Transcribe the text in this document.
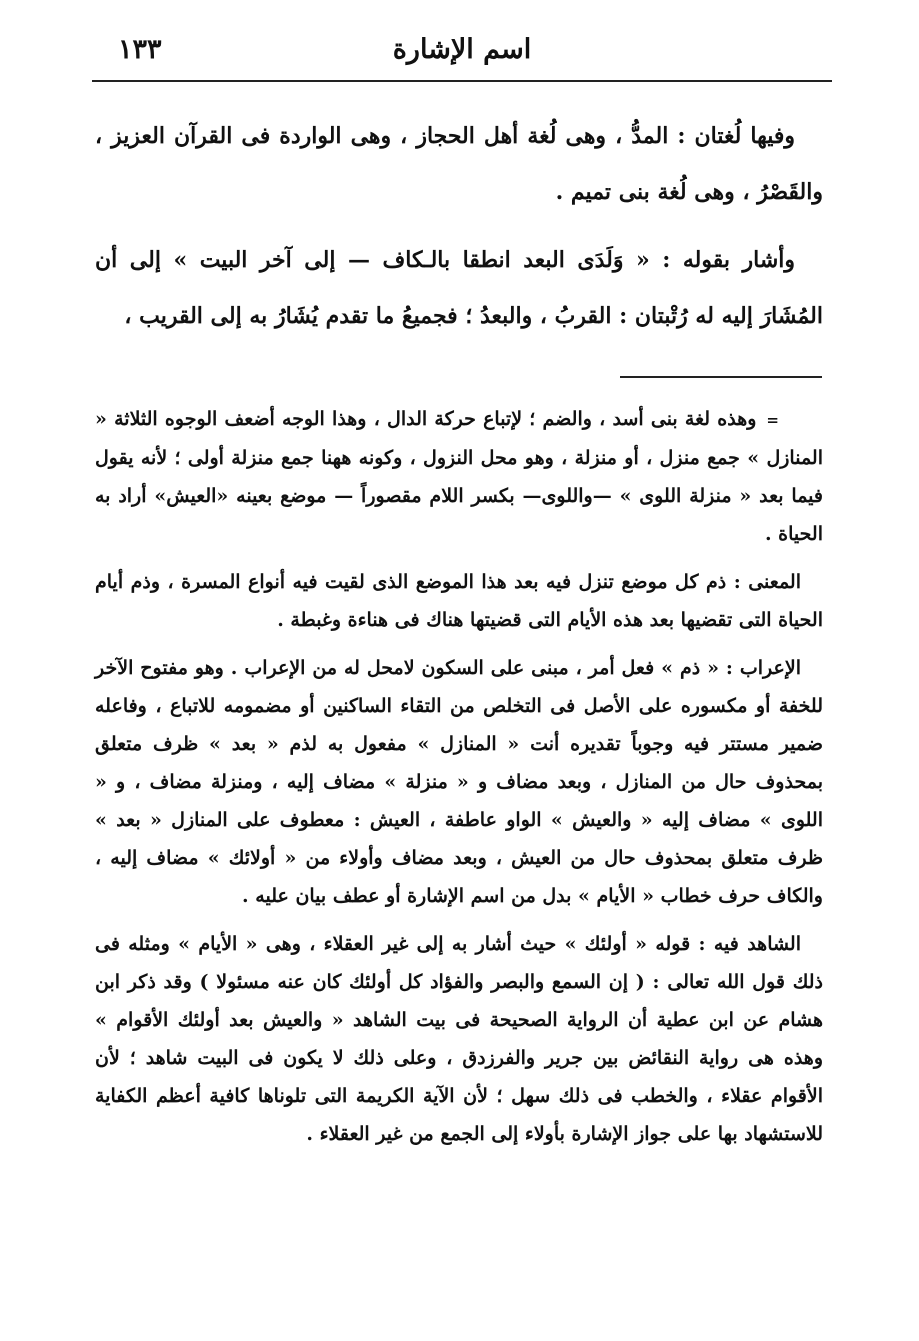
١٣٣	اسم الإشارة

وفيها لُغتان : المدُّ ، وهى لُغة أهل الحجاز ، وهى الواردة فى القرآن العزيز ، والقَصْرُ ، وهى لُغة بنى تميم .

وأشار بقوله : « وَلَدَى البعد انطقا بالـكاف — إلى آخر البيت » إلى أن المُشَارَ إليه له رُتْبتان : القربُ ، والبعدُ ؛ فجميعُ ما تقدم يُشَارُ به إلى القريب ،

=وهذه لغة بنى أسد ، والضم ؛ لإتباع حركة الدال ، وهذا الوجه أضعف الوجوه الثلاثة « المنازل » جمع منزل ، أو منزلة ، وهو محل النزول ، وكونه ههنا جمع منزلة أولى ؛ لأنه يقول فيما بعد « منزلة اللوى » —واللوى— بكسر اللام مقصوراً — موضع بعينه «العيش» أراد به الحياة .

المعنى : ذم كل موضع تنزل فيه بعد هذا الموضع الذى لقيت فيه أنواع المسرة ، وذم أيام الحياة التى تقضيها بعد هذه الأيام التى قضيتها هناك فى هناءة وغبطة .

الإعراب : « ذم » فعل أمر ، مبنى على السكون لامحل له من الإعراب . وهو مفتوح الآخر للخفة أو مكسوره على الأصل فى التخلص من التقاء الساكنين أو مضمومه للاتباع ، وفاعله ضمير مستتر فيه وجوباً تقديره أنت « المنازل » مفعول به لذم « بعد » ظرف متعلق بمحذوف حال من المنازل ، وبعد مضاف و « منزلة » مضاف إليه ، ومنزلة مضاف ، و « اللوى » مضاف إليه « والعيش » الواو عاطفة ، العيش : معطوف على المنازل « بعد » ظرف متعلق بمحذوف حال من العيش ، وبعد مضاف وأولاء من « أولائك » مضاف إليه ، والكاف حرف خطاب « الأيام » بدل من اسم الإشارة أو عطف بيان عليه .

الشاهد فيه : قوله « أولئك » حيث أشار به إلى غير العقلاء ، وهى « الأيام » ومثله فى ذلك قول الله تعالى : ( إن السمع والبصر والفؤاد كل أولئك كان عنه مسئولا ) وقد ذكر ابن هشام عن ابن عطية أن الرواية الصحيحة فى بيت الشاهد « والعيش بعد أولئك الأقوام » وهذه هى رواية النقائض بين جرير والفرزدق ، وعلى ذلك لا يكون فى البيت شاهد ؛ لأن الأقوام عقلاء ، والخطب فى ذلك سهل ؛ لأن الآية الكريمة التى تلوناها كافية أعظم الكفاية للاستشهاد بها على جواز الإشارة بأولاء إلى الجمع من غير العقلاء .
